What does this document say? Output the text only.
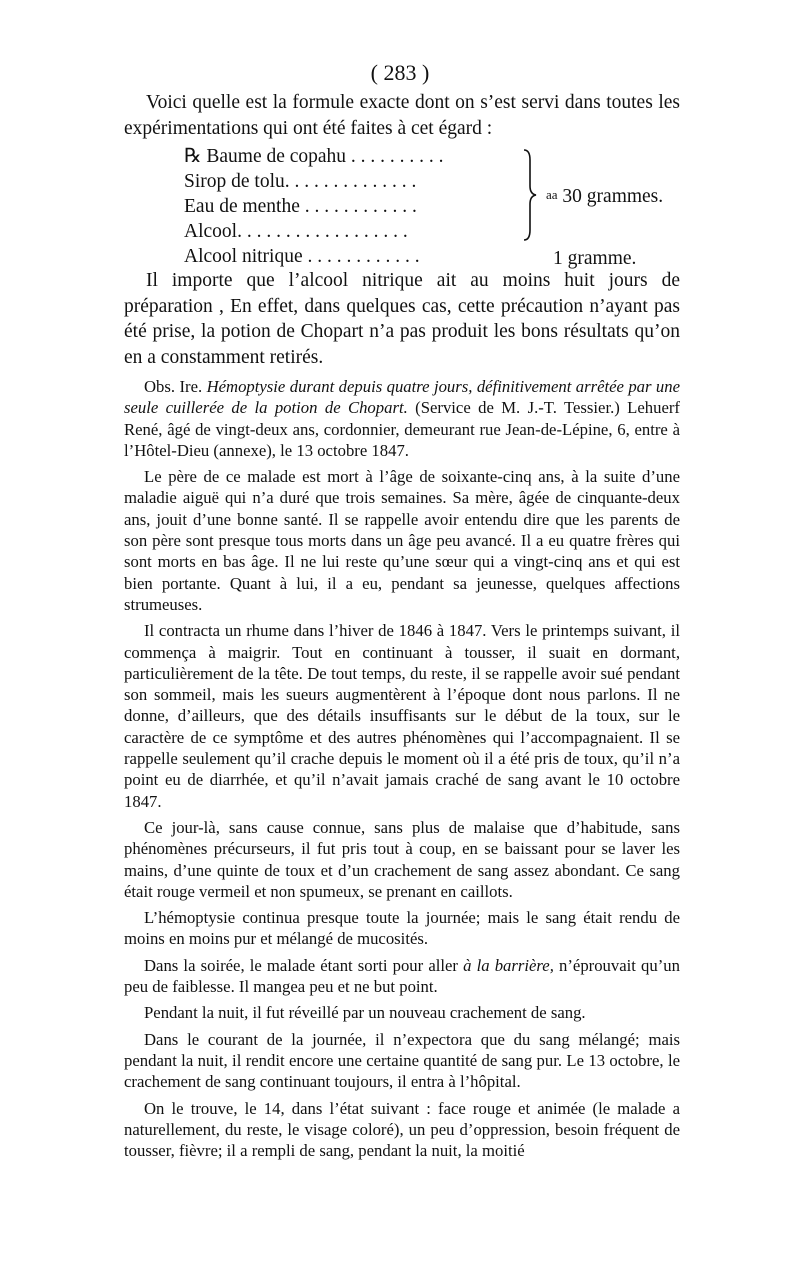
( 283 )

Voici quelle est la formule exacte dont on s’est servi dans toutes les expérimentations qui ont été faites à cet égard :

℞ Baume de copahu . . . . . . . . . .
Sirop de tolu. . . . . . . . . . . . . .
Eau de menthe . . . . . . . . . . . .
Alcool. . . . . . . . . . . . . . . . . .
Alcool nitrique . . . . . . . . . . . .
aa 30 grammes.
1 gramme.

Il importe que l’alcool nitrique ait au moins huit jours de préparation , En effet, dans quelques cas, cette précaution n’ayant pas été prise, la potion de Chopart n’a pas produit les bons résultats qu’on en a constamment retirés.

Obs. Ire. Hémoptysie durant depuis quatre jours, définitivement arrêtée par une seule cuillerée de la potion de Chopart. (Service de M. J.-T. Tessier.) Lehuerf René, âgé de vingt-deux ans, cordonnier, demeurant rue Jean-de-Lépine, 6, entre à l’Hôtel-Dieu (annexe), le 13 octobre 1847.

Le père de ce malade est mort à l’âge de soixante-cinq ans, à la suite d’une maladie aiguë qui n’a duré que trois semaines. Sa mère, âgée de cinquante-deux ans, jouit d’une bonne santé. Il se rappelle avoir entendu dire que les parents de son père sont presque tous morts dans un âge peu avancé. Il a eu quatre frères qui sont morts en bas âge. Il ne lui reste qu’une sœur qui a vingt-cinq ans et qui est bien portante. Quant à lui, il a eu, pendant sa jeunesse, quelques affections strumeuses.

Il contracta un rhume dans l’hiver de 1846 à 1847. Vers le printemps suivant, il commença à maigrir. Tout en continuant à tousser, il suait en dormant, particulièrement de la tête. De tout temps, du reste, il se rappelle avoir sué pendant son sommeil, mais les sueurs augmentèrent à l’époque dont nous parlons. Il ne donne, d’ailleurs, que des détails insuffisants sur le début de la toux, sur le caractère de ce symptôme et des autres phénomènes qui l’accompagnaient. Il se rappelle seulement qu’il crache depuis le moment où il a été pris de toux, qu’il n’a point eu de diarrhée, et qu’il n’avait jamais craché de sang avant le 10 octobre 1847.

Ce jour-là, sans cause connue, sans plus de malaise que d’habitude, sans phénomènes précurseurs, il fut pris tout à coup, en se baissant pour se laver les mains, d’une quinte de toux et d’un crachement de sang assez abondant. Ce sang était rouge vermeil et non spumeux, se prenant en caillots.

L’hémoptysie continua presque toute la journée; mais le sang était rendu de moins en moins pur et mélangé de mucosités.

Dans la soirée, le malade étant sorti pour aller à la barrière, n’éprouvait qu’un peu de faiblesse. Il mangea peu et ne but point.

Pendant la nuit, il fut réveillé par un nouveau crachement de sang.

Dans le courant de la journée, il n’expectora que du sang mélangé; mais pendant la nuit, il rendit encore une certaine quantité de sang pur. Le 13 octobre, le crachement de sang continuant toujours, il entra à l’hôpital.

On le trouve, le 14, dans l’état suivant : face rouge et animée (le malade a naturellement, du reste, le visage coloré), un peu d’oppression, besoin fréquent de tousser, fièvre; il a rempli de sang, pendant la nuit, la moitié
